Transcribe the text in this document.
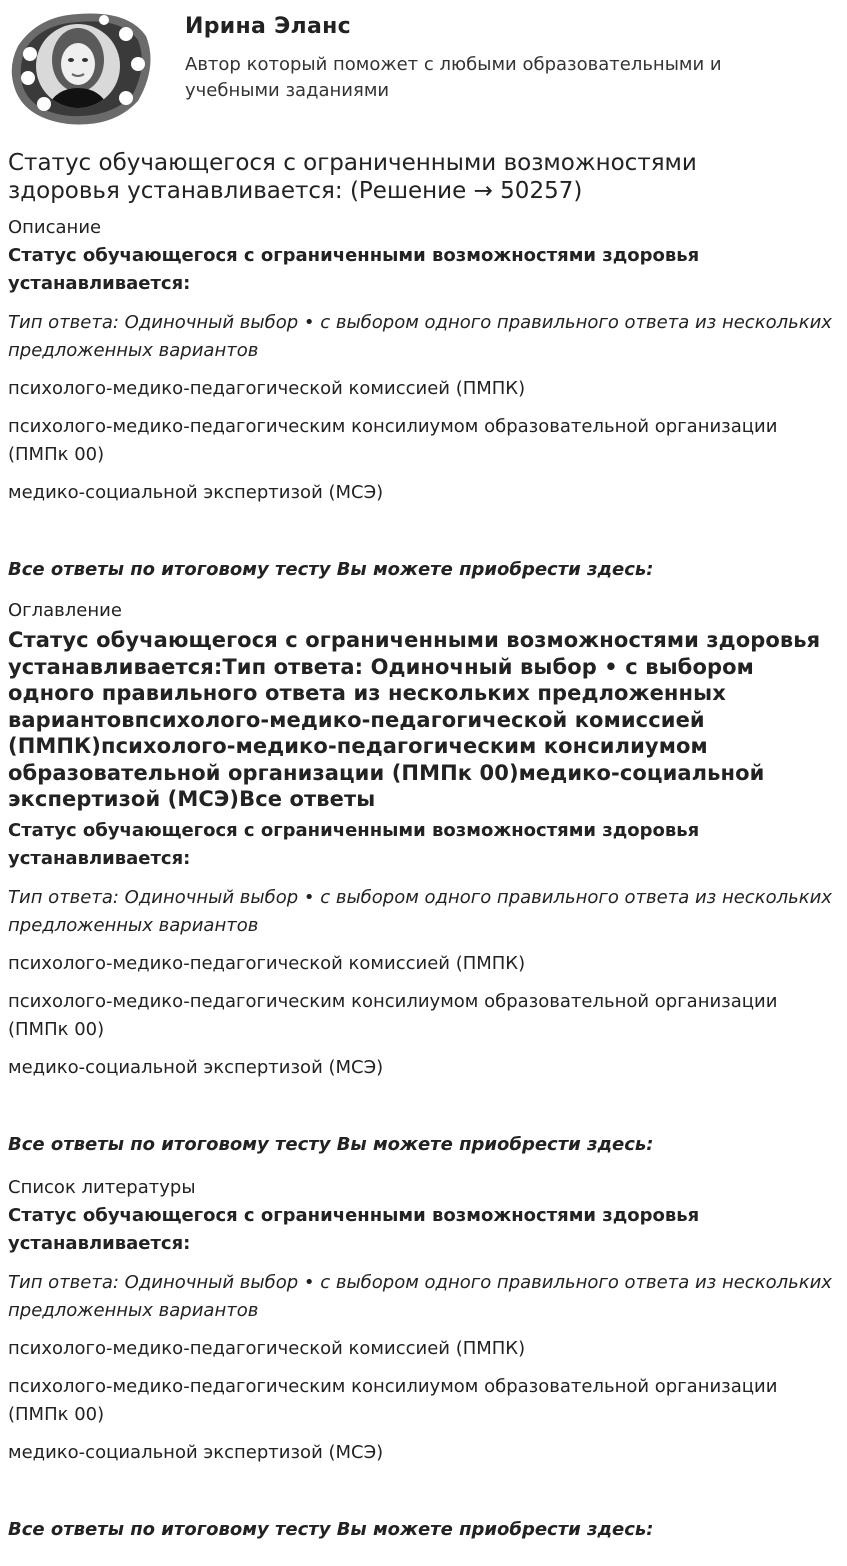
Ирина Эланс
Автор который поможет с любыми образовательными и учебными заданиями
Статус обучающегося с ограниченными возможностями здоровья устанавливается: (Решение → 50257)

Описание

Статус обучающегося с ограниченными возможностями здоровья устанавливается:

Тип ответа: Одиночный выбор • с выбором одного правильного ответа из нескольких предложенных вариантов

психолого-медико-педагогической комиссией (ПМПК)

психолого-медико-педагогическим консилиумом образовательной организации (ПМПк 00)

медико-социальной экспертизой (МСЭ)

Все ответы по итоговому тесту Вы можете приобрести здесь:

Оглавление

Статус обучающегося с ограниченными возможностями здоровья устанавливается:Тип ответа: Одиночный выбор • с выбором одного правильного ответа из нескольких предложенных вариантовпсихолого-медико-педагогической комиссией (ПМПК)психолого-медико-педагогическим консилиумом образовательной организации (ПМПк 00)медико-социальной экспертизой (МСЭ)Все ответы

Статус обучающегося с ограниченными возможностями здоровья устанавливается:

Тип ответа: Одиночный выбор • с выбором одного правильного ответа из нескольких предложенных вариантов

психолого-медико-педагогической комиссией (ПМПК)

психолого-медико-педагогическим консилиумом образовательной организации (ПМПк 00)

медико-социальной экспертизой (МСЭ)

Все ответы по итоговому тесту Вы можете приобрести здесь:

Список литературы

Статус обучающегося с ограниченными возможностями здоровья устанавливается:

Тип ответа: Одиночный выбор • с выбором одного правильного ответа из нескольких предложенных вариантов

психолого-медико-педагогической комиссией (ПМПК)

психолого-медико-педагогическим консилиумом образовательной организации (ПМПк 00)

медико-социальной экспертизой (МСЭ)

Все ответы по итоговому тесту Вы можете приобрести здесь:
